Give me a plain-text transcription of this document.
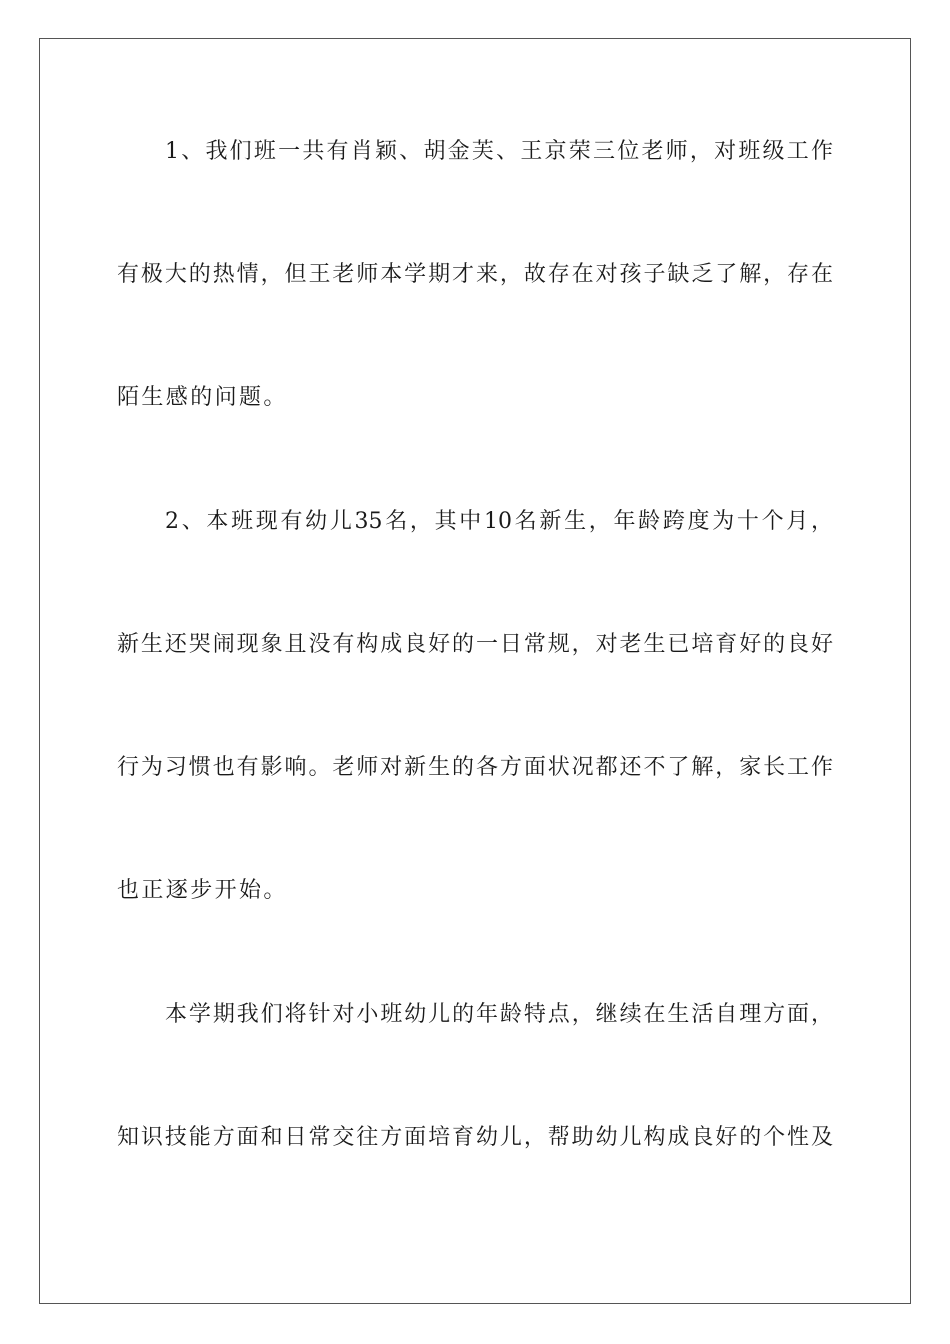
1、我们班一共有肖颖、胡金芙、王京荣三位老师，对班级工作
有极大的热情，但王老师本学期才来，故存在对孩子缺乏了解，存在
陌生感的问题。
2、本班现有幼儿35名，其中10名新生，年龄跨度为十个月，
新生还哭闹现象且没有构成良好的一日常规，对老生已培育好的良好
行为习惯也有影响。老师对新生的各方面状况都还不了解，家长工作
也正逐步开始。
本学期我们将针对小班幼儿的年龄特点，继续在生活自理方面，
知识技能方面和日常交往方面培育幼儿，帮助幼儿构成良好的个性及
